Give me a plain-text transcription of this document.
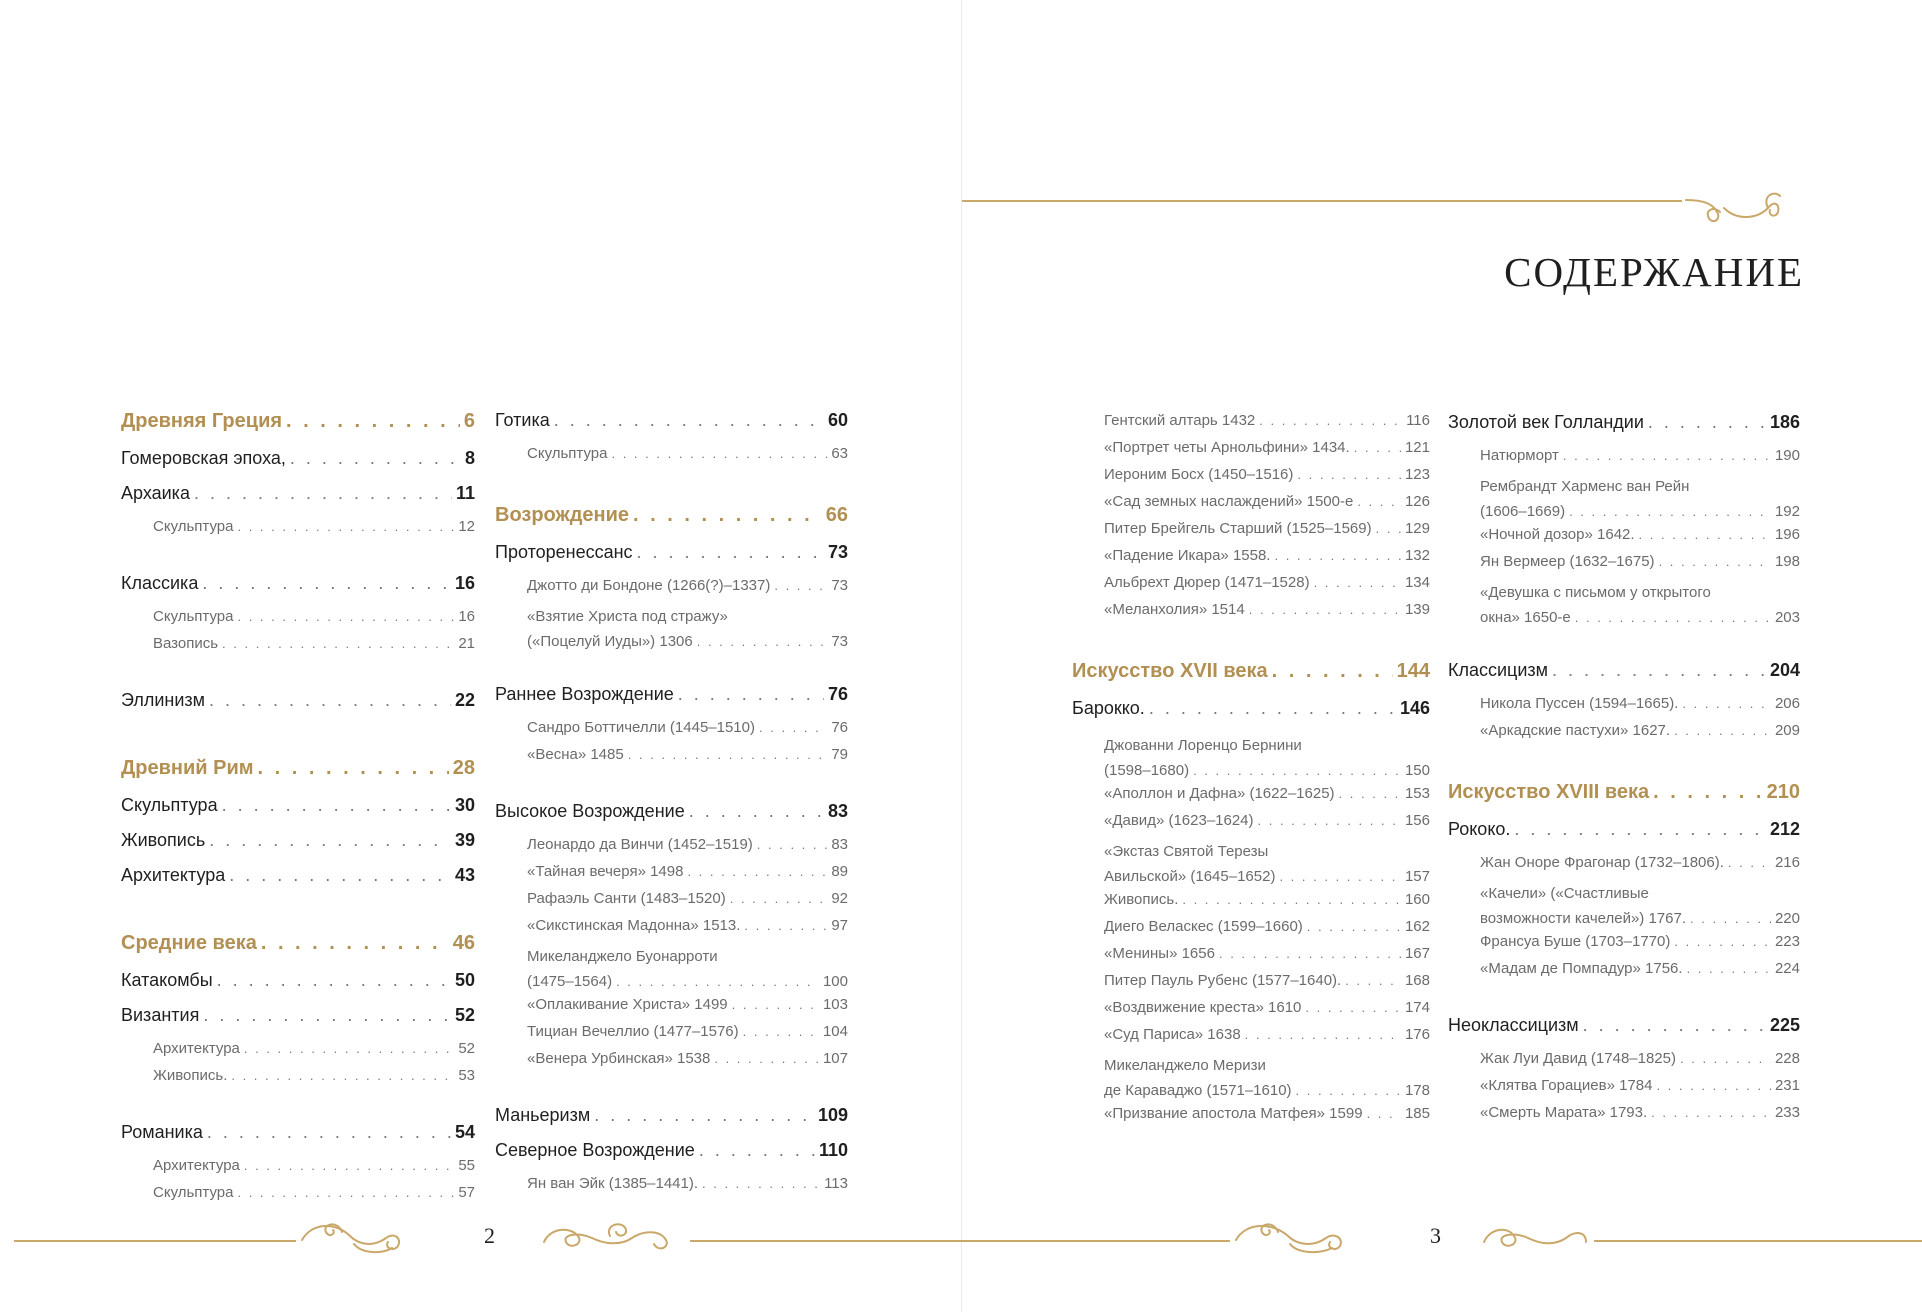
Древняя Греция . . .	6
Гомеровская эпоха, . . .	8
Архаика . . .	11
Скульптура . . .	12
Классика . . .	16
Скульптура . . .	16
Вазопись . . .	21
Эллинизм . . .	22
Древний Рим . . .	28
Скульптура . . .	30
Живопись . . .	39
Архитектура . . .	43
Средние века . . .	46
Катакомбы . . .	50
Византия . . .	52
Архитектура . . .	52
Живопись. . . .	53
Романика . . .	54
Архитектура . . .	55
Скульптура . . .	57
Готика . . .	60
Скульптура . . .	63
Возрождение . . .	66
Проторенессанс . . .	73
Джотто ди Бондоне (1266(?)–1337) . . .	73
«Взятие Христа под стражу»
(«Поцелуй Иуды») 1306 . . .	73
Раннее Возрождение . . .	76
Сандро Боттичелли (1445–1510) . . .	76
«Весна» 1485 . . .	79
Высокое Возрождение . . .	83
Леонардо да Винчи (1452–1519) . . .	83
«Тайная вечеря» 1498 . . .	89
Рафаэль Санти (1483–1520) . . .	92
«Сикстинская Мадонна» 1513. . . .	97
Микеланджело Буонарроти
(1475–1564) . . .	100
«Оплакивание Христа» 1499 . . .	103
Тициан Вечеллио (1477–1576) . . .	104
«Венера Урбинская» 1538 . . .	107
Маньеризм . . .	109
Северное Возрождение . . .	110
Ян ван Эйк (1385–1441). . . .	113
2
СОДЕРЖАНИЕ
Гентский алтарь 1432 . . .	116
«Портрет четы Арнольфини» 1434. . . .	121
Иероним Босх (1450–1516) . . .	123
«Сад земных наслаждений» 1500-е . . .	126
Питер Брейгель Старший (1525–1569) . . . 129
«Падение Икара» 1558. . . .	132
Альбрехт Дюрер (1471–1528) . . .	134
«Меланхолия» 1514 . . .	139
Искусство XVII века . . .	144
Барокко. . . .	146
Джованни Лоренцо Бернини
(1598–1680) . . .	150
«Аполлон и Дафна» (1622–1625) . . .	153
«Давид» (1623–1624) . . .	156
«Экстаз Святой Терезы
Авильской» (1645–1652) . . .	157
Живопись. . . .	160
Диего Веласкес (1599–1660) . . .	162
«Менины» 1656 . . .	167
Питер Пауль Рубенс (1577–1640). . . .	168
«Воздвижение креста» 1610 . . .	174
«Суд Париса» 1638 . . .	176
Микеланджело Меризи
де Караваджо (1571–1610) . . .	178
«Призвание апостола Матфея» 1599 . . .	185
Золотой век Голландии . . .	186
Натюрморт . . .	190
Рембрандт Харменс ван Рейн
(1606–1669) . . .	192
«Ночной дозор» 1642. . . .	196
Ян Вермеер (1632–1675) . . .	198
«Девушка с письмом у открытого
окна» 1650-е . . .	203
Классицизм . . .	204
Никола Пуссен (1594–1665). . . .	206
«Аркадские пастухи» 1627. . . .	209
Искусство XVIII века . . .	210
Рококо. . . .	212
Жан Оноре Фрагонар (1732–1806). . . .	216
«Качели» («Счастливые
возможности качелей») 1767. . . .	220
Франсуа Буше (1703–1770) . . .	223
«Мадам де Помпадур» 1756. . . .	224
Неоклассицизм . . .	225
Жак Луи Давид (1748–1825) . . .	228
«Клятва Горациев» 1784 . . .	231
«Смерть Марата» 1793. . . .	233
3
